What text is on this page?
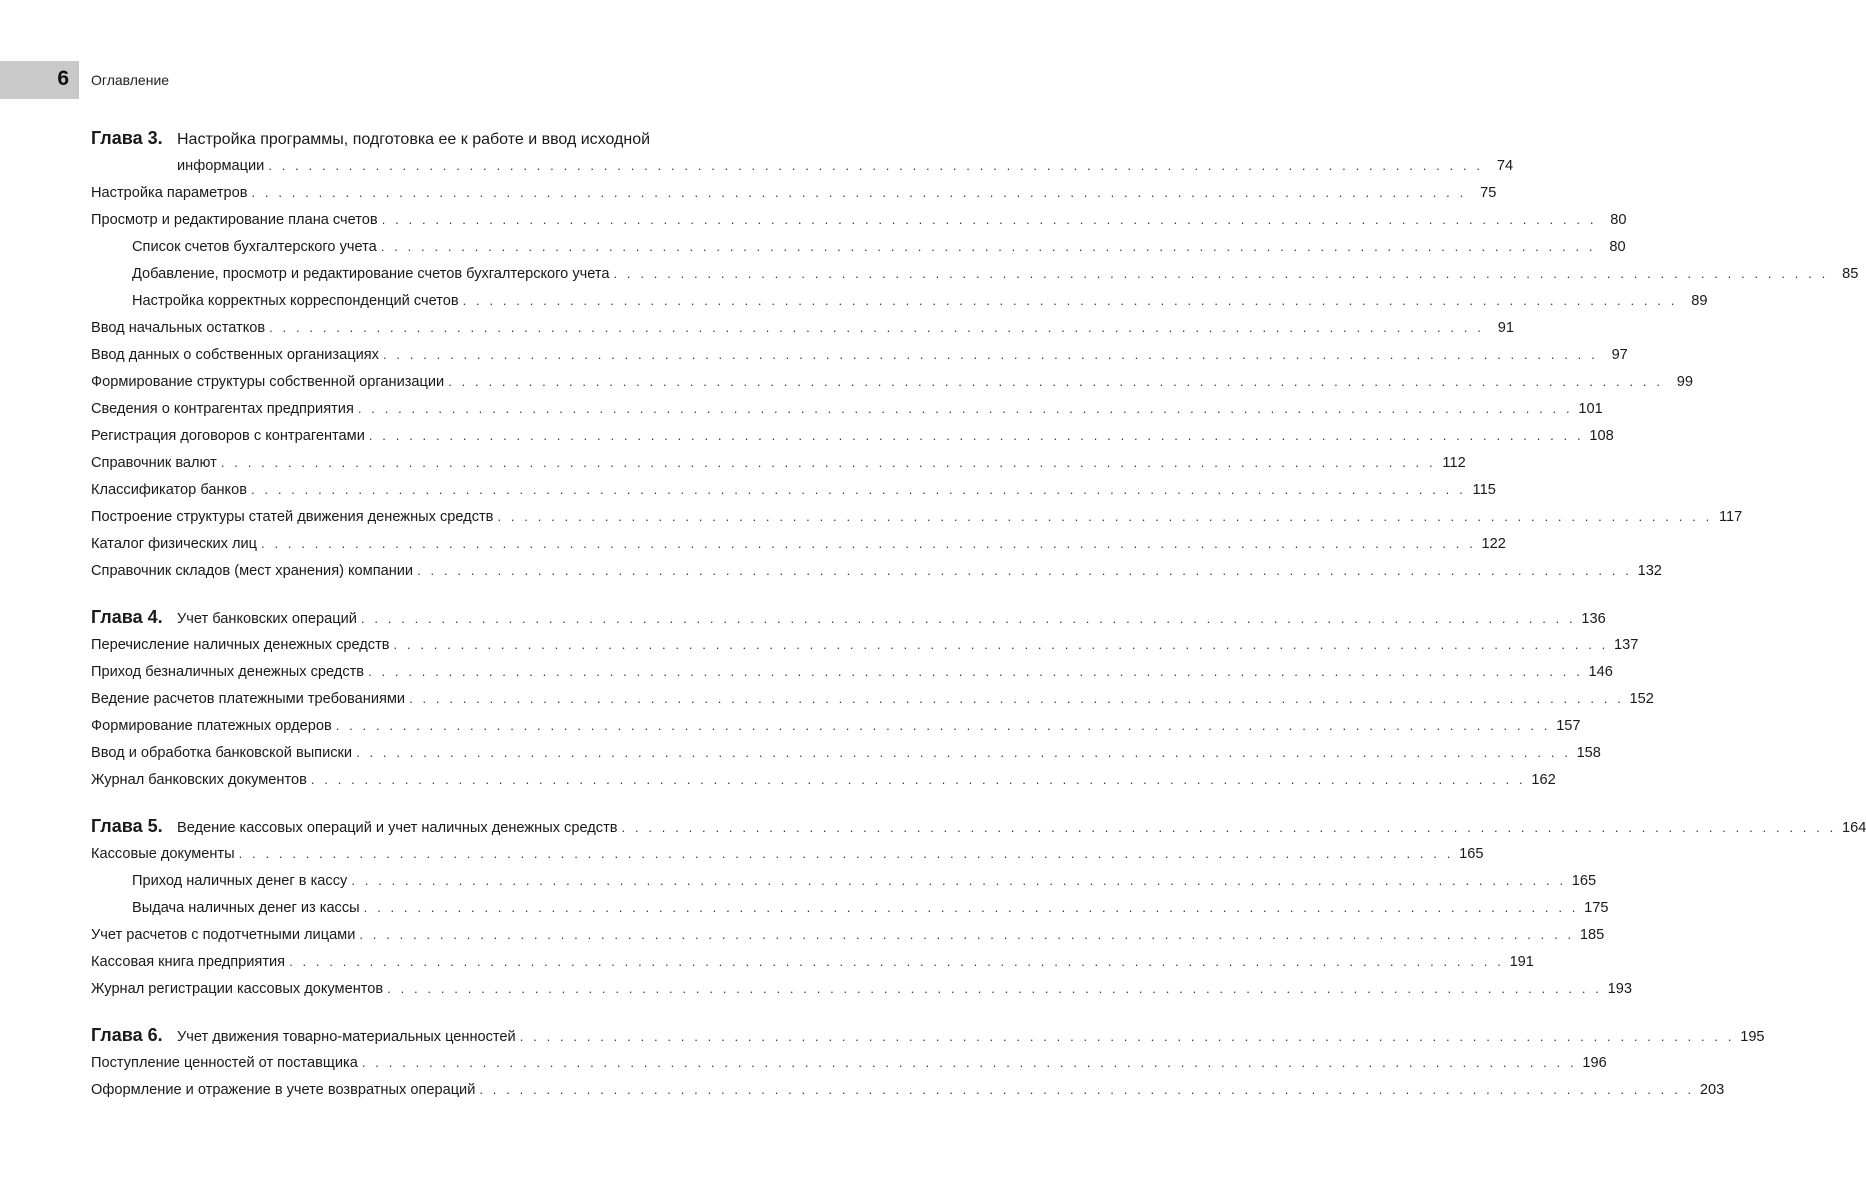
6 Оглавление
Глава 3. Настройка программы, подготовка ее к работе и ввод исходной
информации . . . . . . . . . . . . . . . . . . . . . . . . . . . . . . . . . . . . . . . . . . . . . . . . . . . . . . . . . . . . . . . . . . . . . . . . . . . . . . . . . . . . . . . . . . . 74
Настройка параметров . . . . . . . . . . . . . . . . . . . . . . . . . . . . . . . . . . . . . . . . . . . . . . . . . . . . . . . . . . . . . . . . . . . . . . . . . . . . . . . . . . . . . . . . . . . 75
Просмотр и редактирование плана счетов . . . . . . . . . . . . . . . . . . . . . . . . . . . . . . . . . . . . . . . . . . . . . . . . . . . . . . . . . . . . . . . . . . . . . . . . . . . . . . . . . . . . . . . . . . . 80
Список счетов бухгалтерского учета . . . . . . . . . . . . . . . . . . . . . . . . . . . . . . . . . . . . . . . . . . . . . . . . . . . . . . . . . . . . . . . . . . . . . . . . . . . . . . . . . . . . . . . . . . . 80
Добавление, просмотр и редактирование счетов бухгалтерского учета . . . . . . . . . . . . . . . . . . . . . . . . . . . . . . . . . . . . . . . . . . . . . . . . . . . . . . . . . . . . . . . . . . . . . . . . . . . . . . . . . . . . . . . . . . . 85
Настройка корректных корреспонденций счетов . . . . . . . . . . . . . . . . . . . . . . . . . . . . . . . . . . . . . . . . . . . . . . . . . . . . . . . . . . . . . . . . . . . . . . . . . . . . . . . . . . . . . . . . . . . 89
Ввод начальных остатков . . . . . . . . . . . . . . . . . . . . . . . . . . . . . . . . . . . . . . . . . . . . . . . . . . . . . . . . . . . . . . . . . . . . . . . . . . . . . . . . . . . . . . . . . . . 91
Ввод данных о собственных организациях . . . . . . . . . . . . . . . . . . . . . . . . . . . . . . . . . . . . . . . . . . . . . . . . . . . . . . . . . . . . . . . . . . . . . . . . . . . . . . . . . . . . . . . . . . . 97
Формирование структуры собственной организации . . . . . . . . . . . . . . . . . . . . . . . . . . . . . . . . . . . . . . . . . . . . . . . . . . . . . . . . . . . . . . . . . . . . . . . . . . . . . . . . . . . . . . . . . . . 99
Сведения о контрагентах предприятия . . . . . . . . . . . . . . . . . . . . . . . . . . . . . . . . . . . . . . . . . . . . . . . . . . . . . . . . . . . . . . . . . . . . . . . . . . . . . . . . . . . . . . . . . . . 101
Регистрация договоров с контрагентами . . . . . . . . . . . . . . . . . . . . . . . . . . . . . . . . . . . . . . . . . . . . . . . . . . . . . . . . . . . . . . . . . . . . . . . . . . . . . . . . . . . . . . . . . . . 108
Справочник валют . . . . . . . . . . . . . . . . . . . . . . . . . . . . . . . . . . . . . . . . . . . . . . . . . . . . . . . . . . . . . . . . . . . . . . . . . . . . . . . . . . . . . . . . . . . 112
Классификатор банков . . . . . . . . . . . . . . . . . . . . . . . . . . . . . . . . . . . . . . . . . . . . . . . . . . . . . . . . . . . . . . . . . . . . . . . . . . . . . . . . . . . . . . . . . . . 115
Построение структуры статей движения денежных средств . . . . . . . . . . . . . . . . . . . . . . . . . . . . . . . . . . . . . . . . . . . . . . . . . . . . . . . . . . . . . . . . . . . . . . . . . . . . . . . . . . . . . . . . . . . 117
Каталог физических лиц . . . . . . . . . . . . . . . . . . . . . . . . . . . . . . . . . . . . . . . . . . . . . . . . . . . . . . . . . . . . . . . . . . . . . . . . . . . . . . . . . . . . . . . . . . . 122
Справочник складов (мест хранения) компании . . . . . . . . . . . . . . . . . . . . . . . . . . . . . . . . . . . . . . . . . . . . . . . . . . . . . . . . . . . . . . . . . . . . . . . . . . . . . . . . . . . . . . . . . . . 132
Глава 4. Учет банковских операций . . . . . . . . . . . . . . . . . . . . . . . . . . . . . . . . . . . . . . . . . . . . . . . . . . . . . . . . . . . . . . . . . . . . . . . . . . . . . . . . . . . . . . . . . . . 136
Перечисление наличных денежных средств . . . . . . . . . . . . . . . . . . . . . . . . . . . . . . . . . . . . . . . . . . . . . . . . . . . . . . . . . . . . . . . . . . . . . . . . . . . . . . . . . . . . . . . . . . . 137
Приход безналичных денежных средств . . . . . . . . . . . . . . . . . . . . . . . . . . . . . . . . . . . . . . . . . . . . . . . . . . . . . . . . . . . . . . . . . . . . . . . . . . . . . . . . . . . . . . . . . . . 146
Ведение расчетов платежными требованиями . . . . . . . . . . . . . . . . . . . . . . . . . . . . . . . . . . . . . . . . . . . . . . . . . . . . . . . . . . . . . . . . . . . . . . . . . . . . . . . . . . . . . . . . . . . 152
Формирование платежных ордеров . . . . . . . . . . . . . . . . . . . . . . . . . . . . . . . . . . . . . . . . . . . . . . . . . . . . . . . . . . . . . . . . . . . . . . . . . . . . . . . . . . . . . . . . . . . 157
Ввод и обработка банковской выписки . . . . . . . . . . . . . . . . . . . . . . . . . . . . . . . . . . . . . . . . . . . . . . . . . . . . . . . . . . . . . . . . . . . . . . . . . . . . . . . . . . . . . . . . . . . 158
Журнал банковских документов . . . . . . . . . . . . . . . . . . . . . . . . . . . . . . . . . . . . . . . . . . . . . . . . . . . . . . . . . . . . . . . . . . . . . . . . . . . . . . . . . . . . . . . . . . . 162
Глава 5. Ведение кассовых операций и учет наличных денежных средств . . . . . . . . . . . . . . . . . . . . . . . . . . . . . . . . . . . . . . . . . . . . . . . . . . . . . . . . . . . . . . . . . . . . . . . . . . . . . . . . . . . . . . . . . . . 164
Кассовые документы . . . . . . . . . . . . . . . . . . . . . . . . . . . . . . . . . . . . . . . . . . . . . . . . . . . . . . . . . . . . . . . . . . . . . . . . . . . . . . . . . . . . . . . . . . . 165
Приход наличных денег в кассу . . . . . . . . . . . . . . . . . . . . . . . . . . . . . . . . . . . . . . . . . . . . . . . . . . . . . . . . . . . . . . . . . . . . . . . . . . . . . . . . . . . . . . . . . . . 165
Выдача наличных денег из кассы . . . . . . . . . . . . . . . . . . . . . . . . . . . . . . . . . . . . . . . . . . . . . . . . . . . . . . . . . . . . . . . . . . . . . . . . . . . . . . . . . . . . . . . . . . . 175
Учет расчетов с подотчетными лицами . . . . . . . . . . . . . . . . . . . . . . . . . . . . . . . . . . . . . . . . . . . . . . . . . . . . . . . . . . . . . . . . . . . . . . . . . . . . . . . . . . . . . . . . . . . 185
Кассовая книга предприятия . . . . . . . . . . . . . . . . . . . . . . . . . . . . . . . . . . . . . . . . . . . . . . . . . . . . . . . . . . . . . . . . . . . . . . . . . . . . . . . . . . . . . . . . . . . 191
Журнал регистрации кассовых документов . . . . . . . . . . . . . . . . . . . . . . . . . . . . . . . . . . . . . . . . . . . . . . . . . . . . . . . . . . . . . . . . . . . . . . . . . . . . . . . . . . . . . . . . . . . 193
Глава 6. Учет движения товарно-материальных ценностей . . . . . . . . . . . . . . . . . . . . . . . . . . . . . . . . . . . . . . . . . . . . . . . . . . . . . . . . . . . . . . . . . . . . . . . . . . . . . . . . . . . . . . . . . . . 195
Поступление ценностей от поставщика . . . . . . . . . . . . . . . . . . . . . . . . . . . . . . . . . . . . . . . . . . . . . . . . . . . . . . . . . . . . . . . . . . . . . . . . . . . . . . . . . . . . . . . . . . . 196
Оформление и отражение в учете возвратных операций . . . . . . . . . . . . . . . . . . . . . . . . . . . . . . . . . . . . . . . . . . . . . . . . . . . . . . . . . . . . . . . . . . . . . . . . . . . . . . . . . . . . . . . . . . . 203
